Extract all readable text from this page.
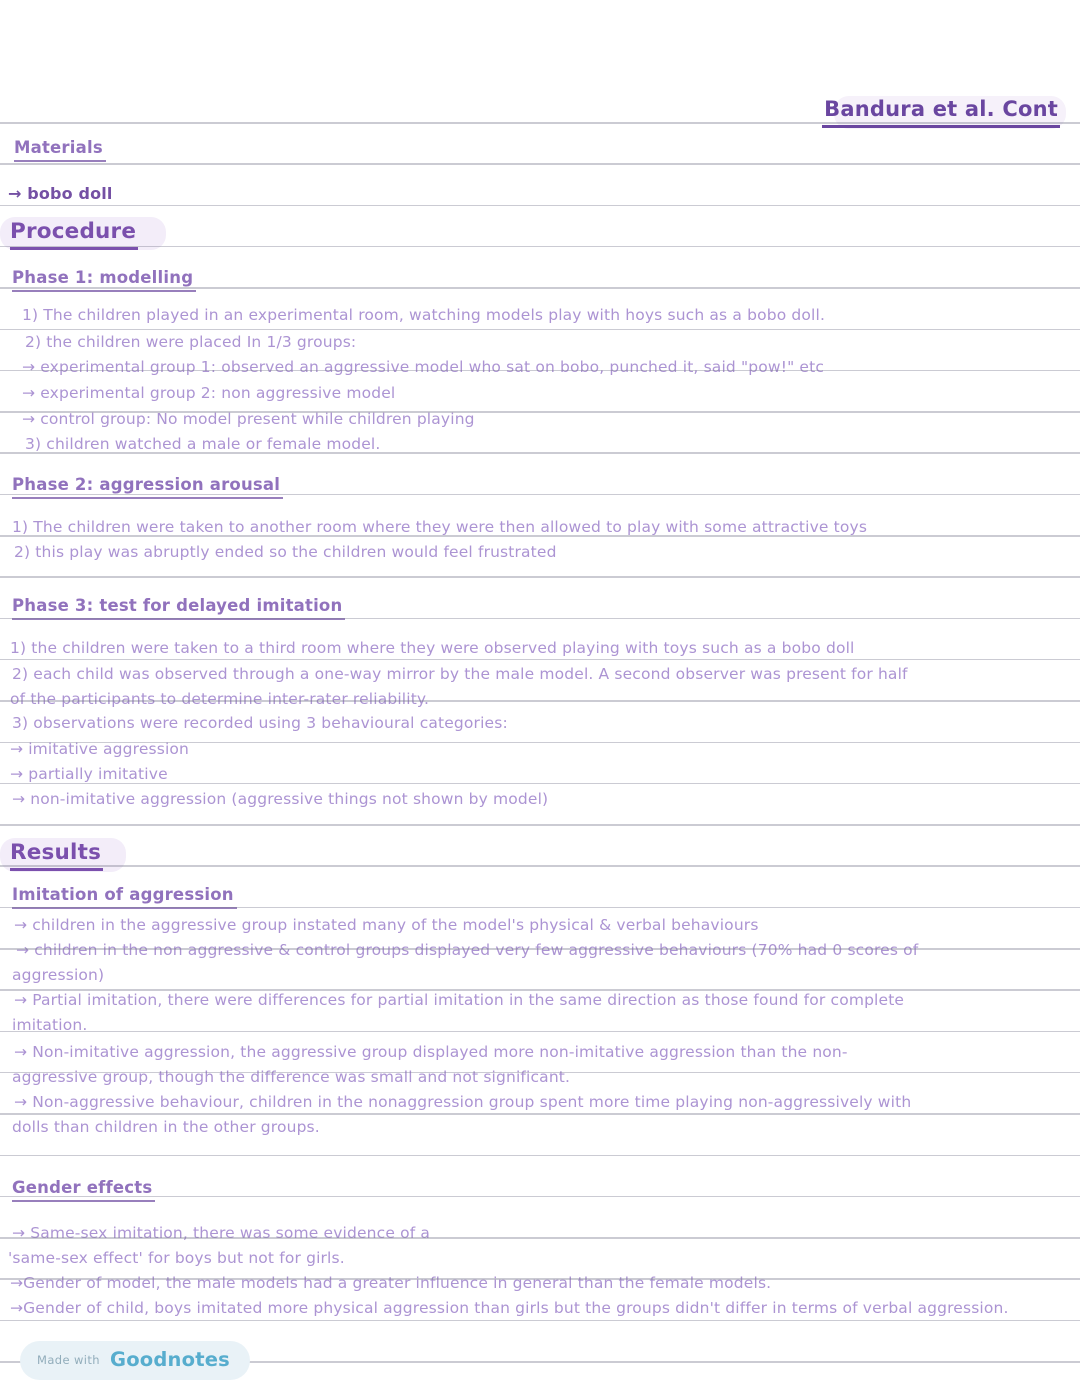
Bandura et al. Cont
Materials
→ bobo doll
Procedure
Phase 1: modelling
1) The children played in an experimental room, watching models play with hoys such as a bobo doll.
2) the children were placed In 1/3 groups:
→ experimental group 1: observed an aggressive model who sat on bobo, punched it, said "pow!" etc
→ experimental group 2: non aggressive model
→ control group: No model present while children playing
3) children watched a male or female model.
Phase 2: aggression arousal
1) The children were taken to another room where they were then allowed to play with some attractive toys
2) this play was abruptly ended so the children would feel frustrated
Phase 3: test for delayed imitation
1) the children were taken to a third room where they were observed playing with toys such as a bobo doll
2) each child was observed through a one-way mirror by the male model. A second observer was present for half
of the participants to determine inter-rater reliability.
3) observations were recorded using 3 behavioural categories:
→ imitative aggression
→ partially imitative
→ non-imitative aggression (aggressive things not shown by model)
Results
Imitation of aggression
→ children in the aggressive group instated many of the model's physical & verbal behaviours
→ children in the non aggressive & control groups displayed very few aggressive behaviours (70% had 0 scores of
aggression)
→ Partial imitation, there were differences for partial imitation in the same direction as those found for complete
imitation.
→ Non-imitative aggression, the aggressive group displayed more non-imitative aggression than the non-
aggressive group, though the difference was small and not significant.
→ Non-aggressive behaviour, children in the nonaggression group spent more time playing non-aggressively with
dolls than children in the other groups.
Gender effects
→ Same-sex imitation, there was some evidence of a
'same-sex effect' for boys but not for girls.
→Gender of model, the male models had a greater influence in general than the female models.
→Gender of child, boys imitated more physical aggression than girls but the groups didn't differ in terms of verbal aggression.
Made with Goodnotes
